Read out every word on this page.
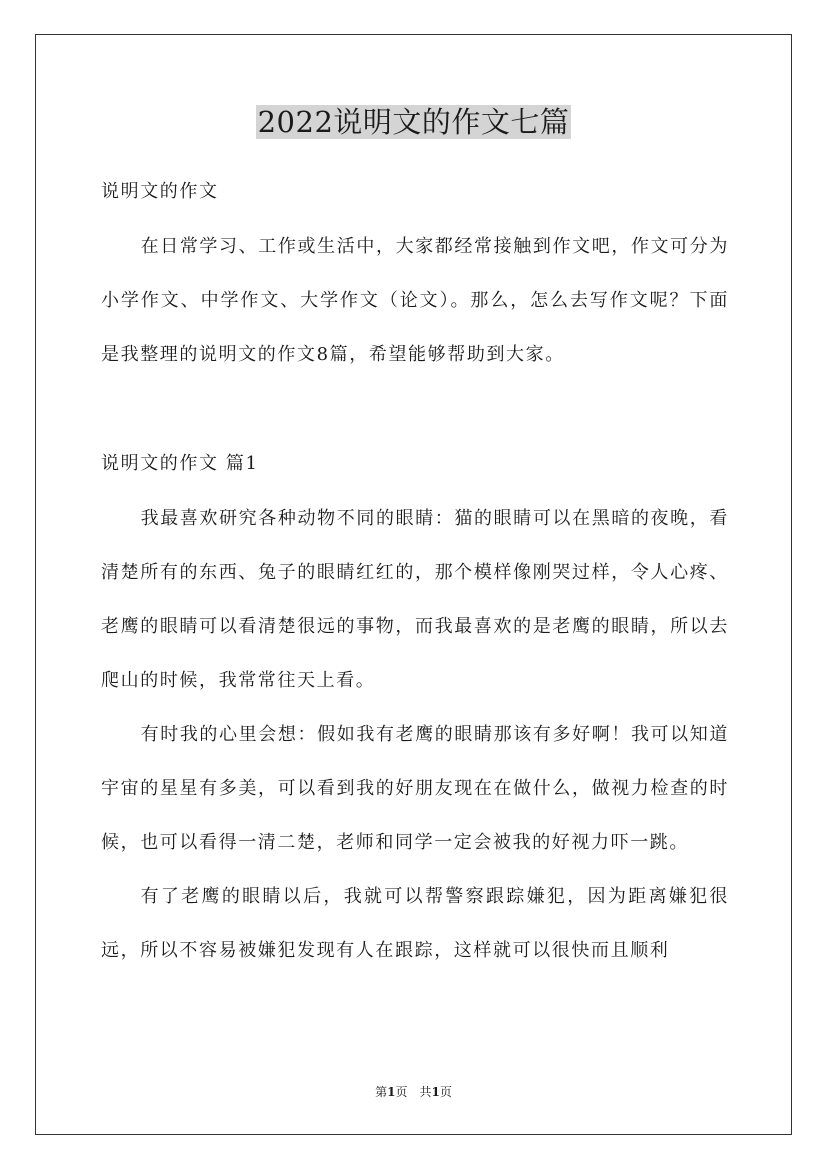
2022说明文的作文七篇
说明文的作文

在日常学习、工作或生活中，大家都经常接触到作文吧，作文可分为小学作文、中学作文、大学作文（论文）。那么，怎么去写作文呢？下面是我整理的说明文的作文8篇，希望能够帮助到大家。

说明文的作文 篇1

我最喜欢研究各种动物不同的眼睛：猫的眼睛可以在黑暗的夜晚，看清楚所有的东西、兔子的眼睛红红的，那个模样像刚哭过样，令人心疼、老鹰的眼睛可以看清楚很远的事物，而我最喜欢的是老鹰的眼睛，所以去爬山的时候，我常常往天上看。

有时我的心里会想：假如我有老鹰的眼睛那该有多好啊！我可以知道宇宙的星星有多美，可以看到我的好朋友现在在做什么，做视力检查的时候，也可以看得一清二楚，老师和同学一定会被我的好视力吓一跳。

有了老鹰的眼睛以后，我就可以帮警察跟踪嫌犯，因为距离嫌犯很远，所以不容易被嫌犯发现有人在跟踪，这样就可以很快而且顺利

第1页　共1页
